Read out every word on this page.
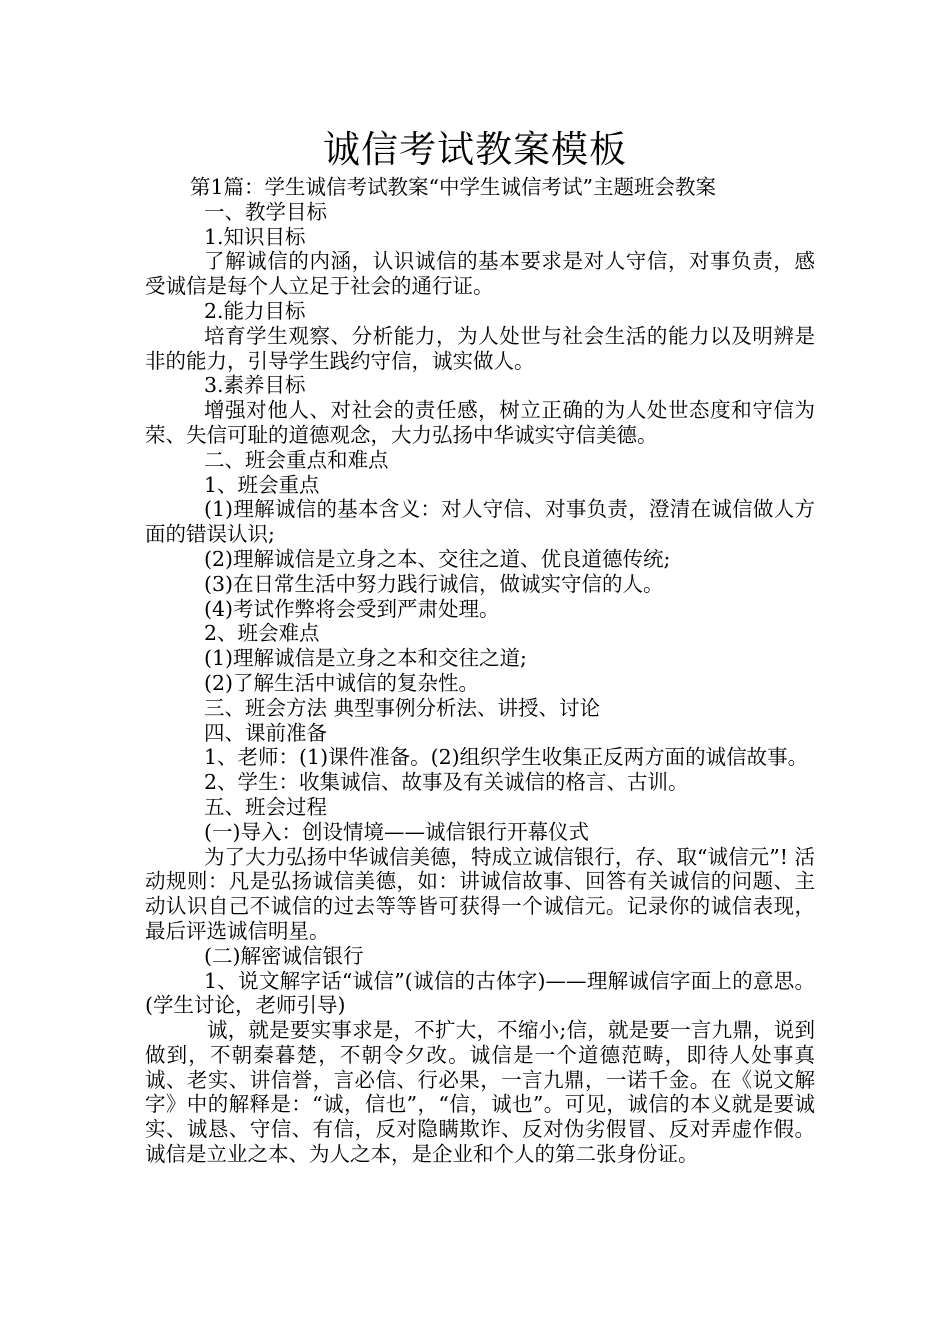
诚信考试教案模板

第1篇：学生诚信考试教案“中学生诚信考试”主题班会教案

一、教学目标

1.知识目标

了解诚信的内涵，认识诚信的基本要求是对人守信，对事负责，感受诚信是每个人立足于社会的通行证。

2.能力目标

培育学生观察、分析能力，为人处世与社会生活的能力以及明辨是非的能力，引导学生践约守信，诚实做人。

3.素养目标

增强对他人、对社会的责任感，树立正确的为人处世态度和守信为荣、失信可耻的道德观念，大力弘扬中华诚实守信美德。

二、班会重点和难点

1、班会重点

(1)理解诚信的基本含义：对人守信、对事负责，澄清在诚信做人方面的错误认识;

(2)理解诚信是立身之本、交往之道、优良道德传统;

(3)在日常生活中努力践行诚信，做诚实守信的人。

(4)考试作弊将会受到严肃处理。

2、班会难点

(1)理解诚信是立身之本和交往之道;

(2)了解生活中诚信的复杂性。

三、班会方法 典型事例分析法、讲授、讨论

四、课前准备

1、老师：(1)课件准备。(2)组织学生收集正反两方面的诚信故事。

2、学生：收集诚信、故事及有关诚信的格言、古训。

五、班会过程

(一)导入：创设情境——诚信银行开幕仪式

为了大力弘扬中华诚信美德，特成立诚信银行，存、取“诚信元”! 活动规则：凡是弘扬诚信美德，如：讲诚信故事、回答有关诚信的问题、主动认识自己不诚信的过去等等皆可获得一个诚信元。记录你的诚信表现，最后评选诚信明星。

(二)解密诚信银行

1、说文解字话“诚信”(诚信的古体字)——理解诚信字面上的意思。(学生讨论，老师引导)

诚，就是要实事求是，不扩大，不缩小;信，就是要一言九鼎，说到做到，不朝秦暮楚，不朝令夕改。诚信是一个道德范畴，即待人处事真诚、老实、讲信誉，言必信、行必果，一言九鼎，一诺千金。在《说文解字》中的解释是：“诚，信也”，“信，诚也”。可见，诚信的本义就是要诚实、诚恳、守信、有信，反对隐瞒欺诈、反对伪劣假冒、反对弄虚作假。诚信是立业之本、为人之本，是企业和个人的第二张身份证。
